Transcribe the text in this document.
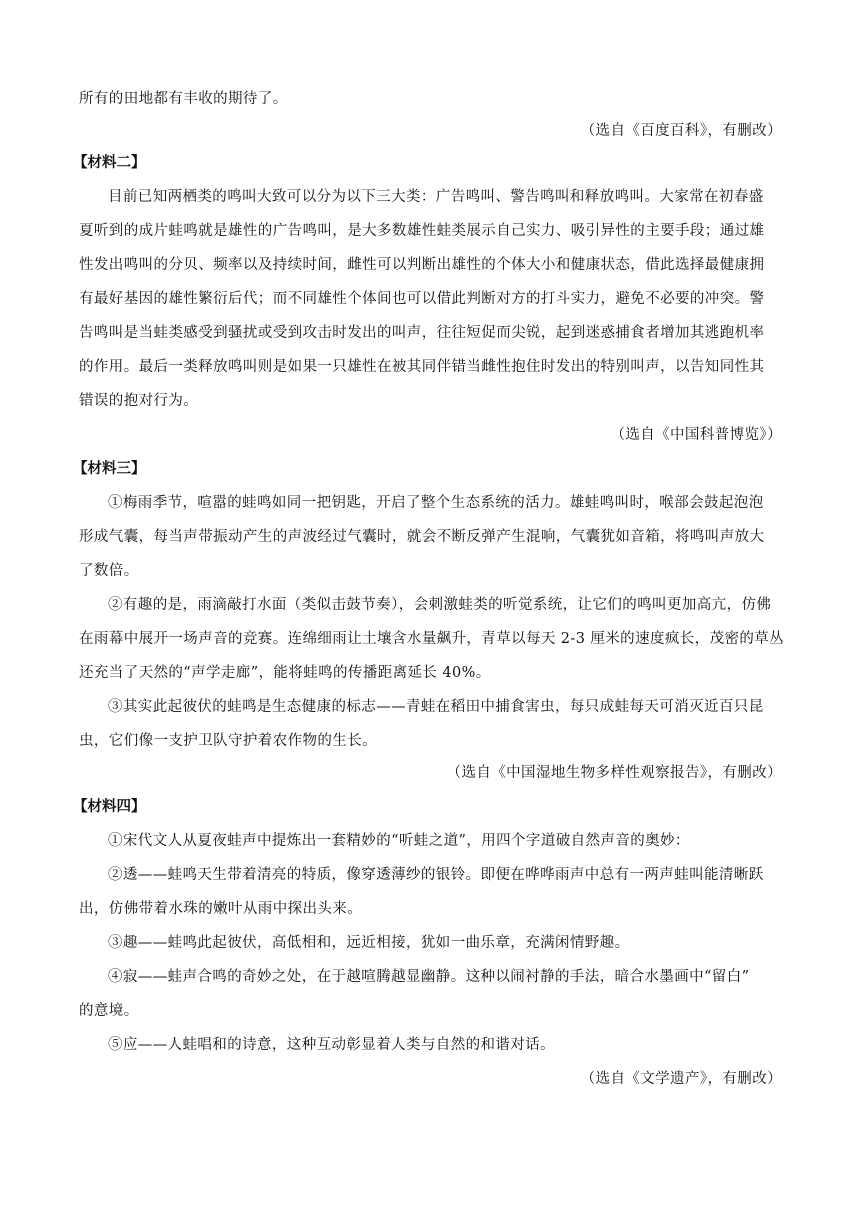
所有的田地都有丰收的期待了。
（选自《百度百科》，有删改）
【材料二】
目前已知两栖类的鸣叫大致可以分为以下三大类：广告鸣叫、警告鸣叫和释放鸣叫。大家常在初春盛
夏听到的成片蛙鸣就是雄性的广告鸣叫，是大多数雄性蛙类展示自己实力、吸引异性的主要手段；通过雄
性发出鸣叫的分贝、频率以及持续时间，雌性可以判断出雄性的个体大小和健康状态，借此选择最健康拥
有最好基因的雄性繁衍后代；而不同雄性个体间也可以借此判断对方的打斗实力，避免不必要的冲突。警
告鸣叫是当蛙类感受到骚扰或受到攻击时发出的叫声，往往短促而尖锐，起到迷惑捕食者增加其逃跑机率
的作用。最后一类释放鸣叫则是如果一只雄性在被其同伴错当雌性抱住时发出的特别叫声，以告知同性其
错误的抱对行为。
（选自《中国科普博览》）
【材料三】
①梅雨季节，喧嚣的蛙鸣如同一把钥匙，开启了整个生态系统的活力。雄蛙鸣叫时，喉部会鼓起泡泡
形成气囊，每当声带振动产生的声波经过气囊时，就会不断反弹产生混响，气囊犹如音箱，将鸣叫声放大
了数倍。
②有趣的是，雨滴敲打水面（类似击鼓节奏），会刺激蛙类的听觉系统，让它们的鸣叫更加高亢，仿佛
在雨幕中展开一场声音的竞赛。连绵细雨让土壤含水量飙升，青草以每天 2-3 厘米的速度疯长，茂密的草丛
还充当了天然的“声学走廊”，能将蛙鸣的传播距离延长 40%。
③其实此起彼伏的蛙鸣是生态健康的标志——青蛙在稻田中捕食害虫，每只成蛙每天可消灭近百只昆
虫，它们像一支护卫队守护着农作物的生长。
（选自《中国湿地生物多样性观察报告》，有删改）
【材料四】
①宋代文人从夏夜蛙声中提炼出一套精妙的“听蛙之道”，用四个字道破自然声音的奥妙：
②透——蛙鸣天生带着清亮的特质，像穿透薄纱的银铃。即便在哗哗雨声中总有一两声蛙叫能清晰跃
出，仿佛带着水珠的嫩叶从雨中探出头来。
③趣——蛙鸣此起彼伏，高低相和，远近相接，犹如一曲乐章，充满闲情野趣。
④寂——蛙声合鸣的奇妙之处，在于越喧腾越显幽静。这种以闹衬静的手法，暗合水墨画中“留白”
的意境。
⑤应——人蛙唱和的诗意，这种互动彰显着人类与自然的和谐对话。
（选自《文学遗产》，有删改）
